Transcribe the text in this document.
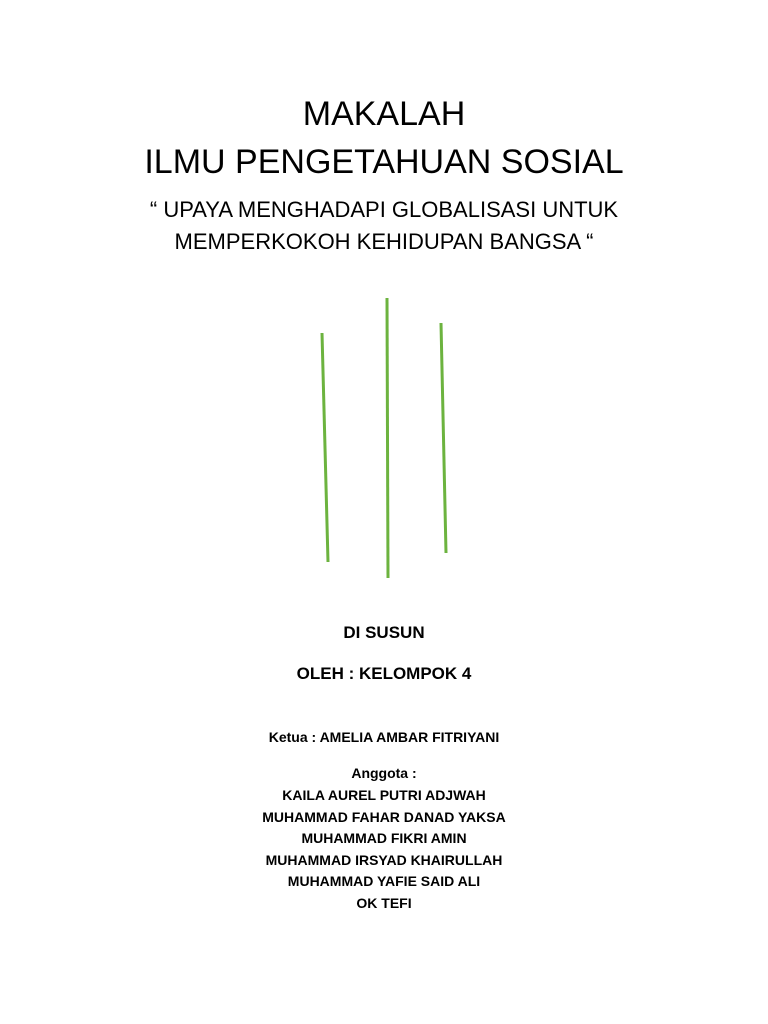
MAKALAH
ILMU PENGETAHUAN SOSIAL
“ UPAYA MENGHADAPI GLOBALISASI UNTUK
MEMPERKOKOH KEHIDUPAN BANGSA “
DI SUSUN
OLEH : KELOMPOK 4
Ketua : AMELIA AMBAR FITRIYANI
Anggota :
KAILA AUREL PUTRI ADJWAH
MUHAMMAD FAHAR DANAD YAKSA
MUHAMMAD FIKRI AMIN
MUHAMMAD IRSYAD KHAIRULLAH
MUHAMMAD YAFIE SAID ALI
OK TEFI
